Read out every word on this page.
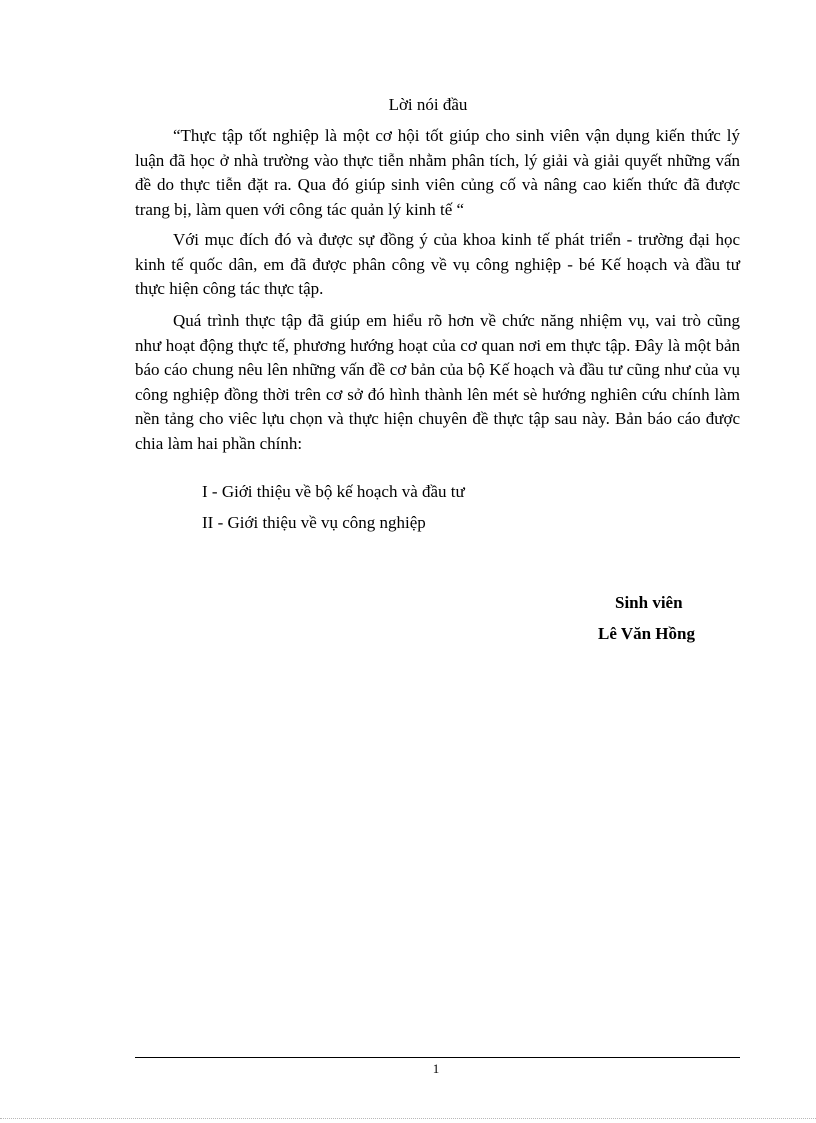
Lời nói đầu

“Thực tập tốt nghiệp là một cơ hội tốt giúp cho sinh viên vận dụng kiến thức lý luận đã học ở nhà trường vào thực tiễn nhằm phân tích, lý giải và giải quyết những vấn đề do thực tiễn đặt ra. Qua đó giúp sinh viên củng cố và nâng cao kiến thức đã được trang bị, làm quen với công tác quản lý kinh tế “

Với mục đích đó và được sự đồng ý của khoa kinh tế phát triển - trường đại học kinh tế quốc dân, em đã được phân công về vụ công nghiệp - bé Kế hoạch và đầu tư thực hiện công tác thực tập.

Quá trình thực tập đã giúp em hiểu rõ hơn về chức năng nhiệm vụ, vai trò cũng như hoạt động thực tế, phương hướng hoạt của cơ quan nơi em thực tập. Đây là một bản báo cáo chung nêu lên những vấn đề cơ bản của bộ Kế hoạch và đầu tư cũng như của vụ công nghiệp đồng thời trên cơ sở đó hình thành lên mét sè hướng nghiên cứu chính làm nền tảng cho viêc lựu chọn và thực hiện chuyên đề thực tập sau này. Bản báo cáo được chia làm hai phần chính:

I - Giới thiệu về bộ kế hoạch và đầu tư
II - Giới thiệu về vụ công nghiệp
Sinh viên
Lê Văn Hồng
1
